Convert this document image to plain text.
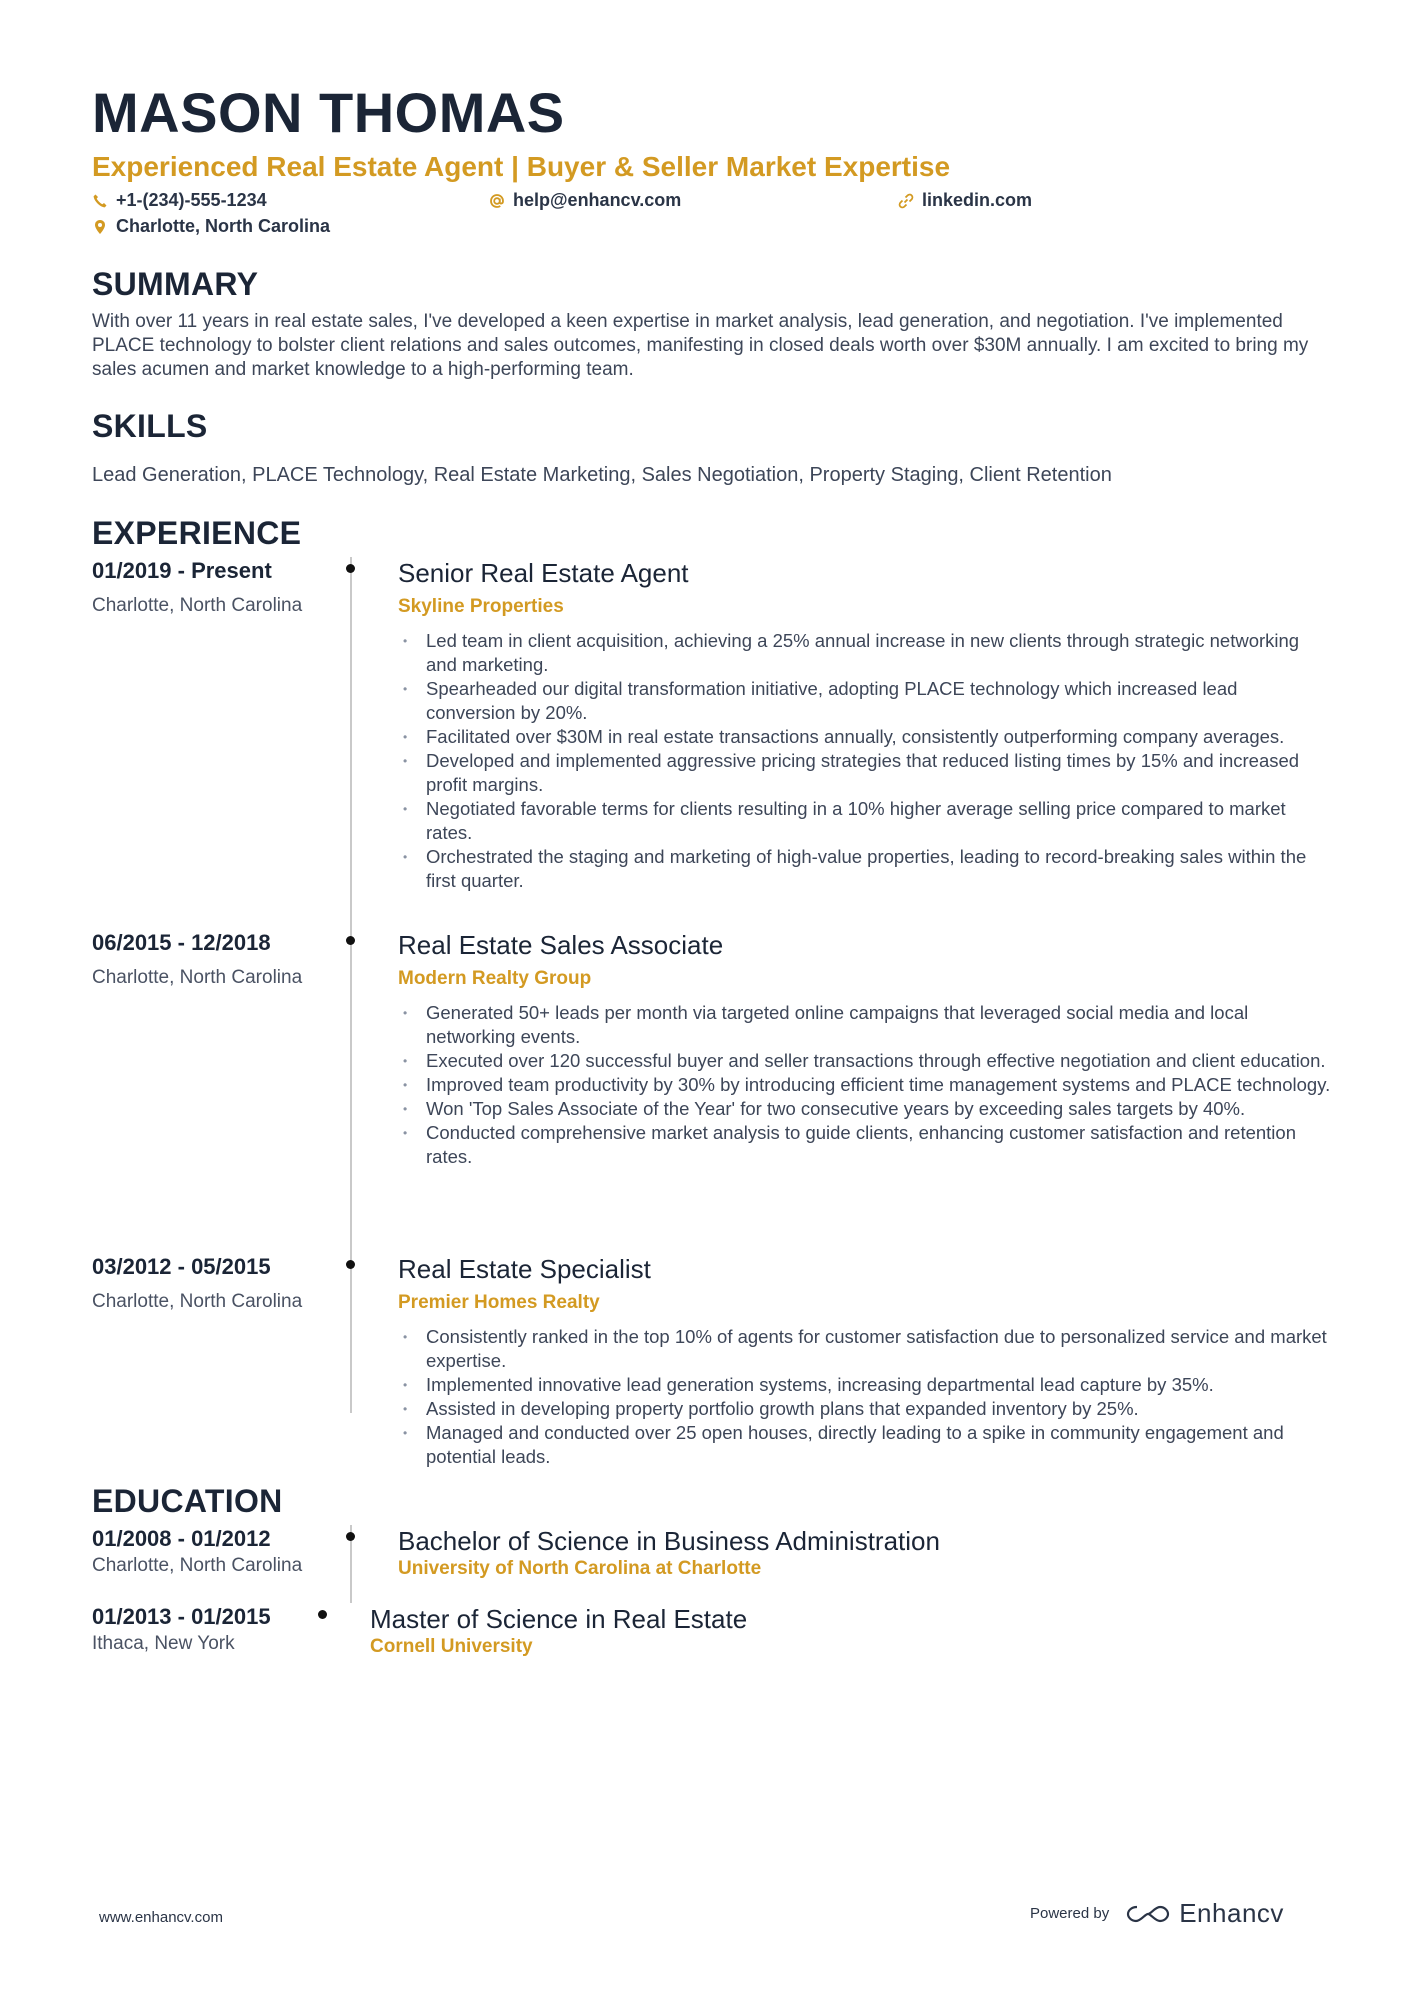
MASON THOMAS
Experienced Real Estate Agent | Buyer & Seller Market Expertise
+1-(234)-555-1234	help@enhancv.com	linkedin.com
Charlotte, North Carolina
SUMMARY
With over 11 years in real estate sales, I've developed a keen expertise in market analysis, lead generation, and negotiation. I've implemented PLACE technology to bolster client relations and sales outcomes, manifesting in closed deals worth over $30M annually. I am excited to bring my sales acumen and market knowledge to a high-performing team.
SKILLS
Lead Generation, PLACE Technology, Real Estate Marketing, Sales Negotiation, Property Staging, Client Retention
EXPERIENCE
01/2019 - Present
Charlotte, North Carolina
Senior Real Estate Agent
Skyline Properties
• Led team in client acquisition, achieving a 25% annual increase in new clients through strategic networking and marketing.
• Spearheaded our digital transformation initiative, adopting PLACE technology which increased lead conversion by 20%.
• Facilitated over $30M in real estate transactions annually, consistently outperforming company averages.
• Developed and implemented aggressive pricing strategies that reduced listing times by 15% and increased profit margins.
• Negotiated favorable terms for clients resulting in a 10% higher average selling price compared to market rates.
• Orchestrated the staging and marketing of high-value properties, leading to record-breaking sales within the first quarter.
06/2015 - 12/2018
Charlotte, North Carolina
Real Estate Sales Associate
Modern Realty Group
• Generated 50+ leads per month via targeted online campaigns that leveraged social media and local networking events.
• Executed over 120 successful buyer and seller transactions through effective negotiation and client education.
• Improved team productivity by 30% by introducing efficient time management systems and PLACE technology.
• Won 'Top Sales Associate of the Year' for two consecutive years by exceeding sales targets by 40%.
• Conducted comprehensive market analysis to guide clients, enhancing customer satisfaction and retention rates.
03/2012 - 05/2015
Charlotte, North Carolina
Real Estate Specialist
Premier Homes Realty
• Consistently ranked in the top 10% of agents for customer satisfaction due to personalized service and market expertise.
• Implemented innovative lead generation systems, increasing departmental lead capture by 35%.
• Assisted in developing property portfolio growth plans that expanded inventory by 25%.
• Managed and conducted over 25 open houses, directly leading to a spike in community engagement and potential leads.
EDUCATION
01/2008 - 01/2012
Charlotte, North Carolina
Bachelor of Science in Business Administration
University of North Carolina at Charlotte
01/2013 - 01/2015
Ithaca, New York
Master of Science in Real Estate
Cornell University
www.enhancv.com	Powered by	Enhancv
